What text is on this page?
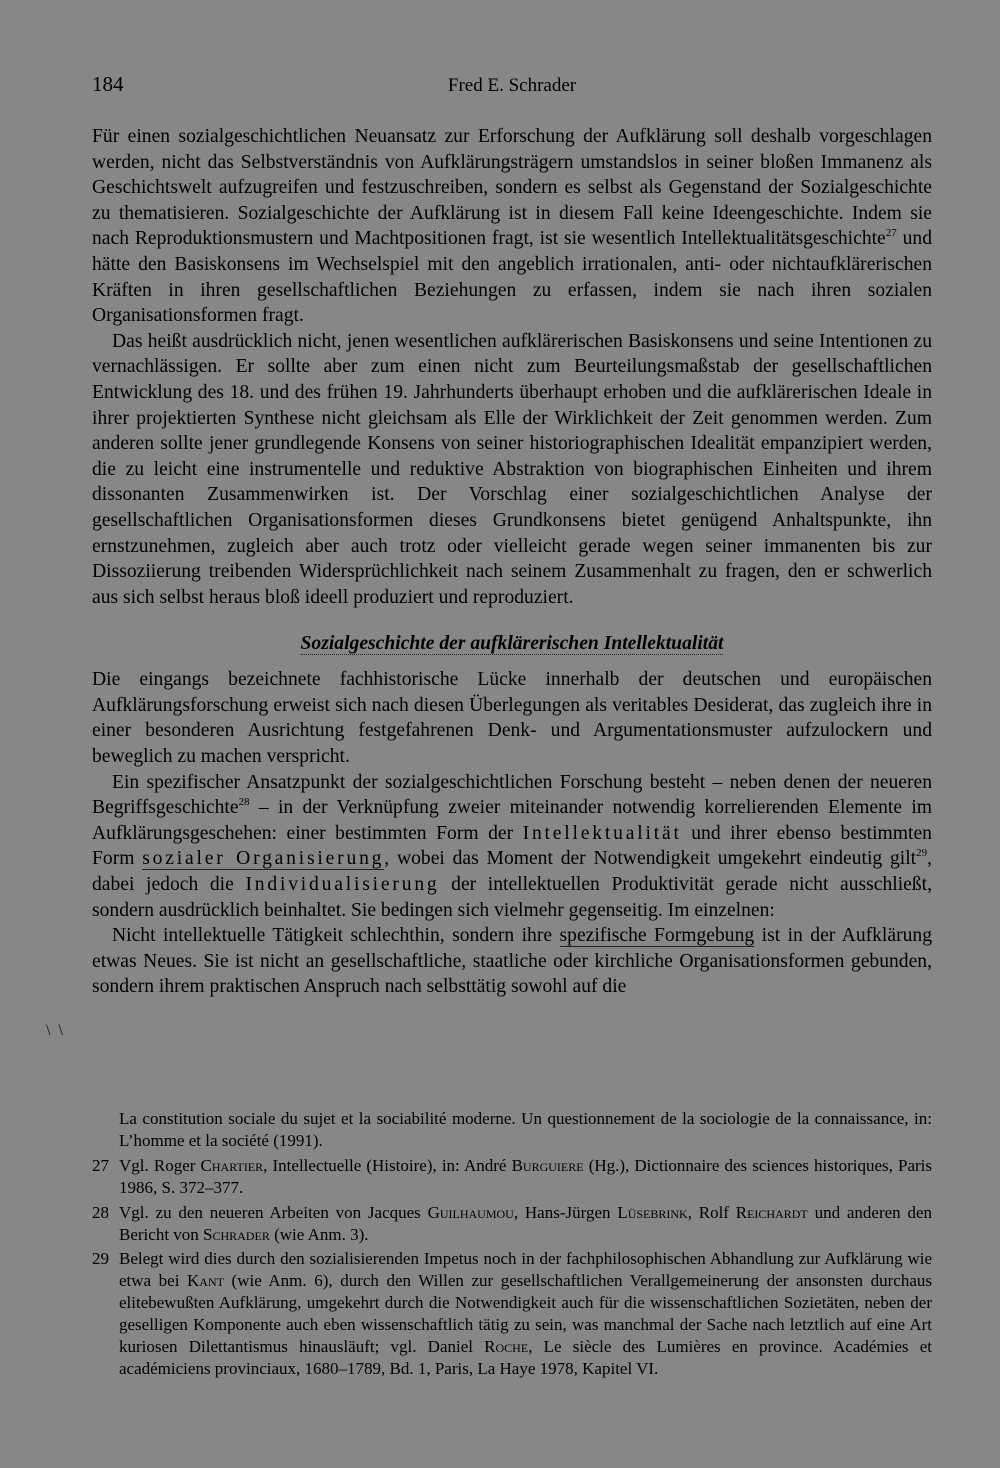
184	Fred E. Schrader

Für einen sozialgeschichtlichen Neuansatz zur Erforschung der Aufklärung soll deshalb vorgeschlagen werden, nicht das Selbstverständnis von Aufklärungsträgern umstandslos in seiner bloßen Immanenz als Geschichtswelt aufzugreifen und festzuschreiben, sondern es selbst als Gegenstand der Sozialgeschichte zu thematisieren. Sozialgeschichte der Aufklärung ist in diesem Fall keine Ideengeschichte. Indem sie nach Reproduktionsmustern und Machtpositionen fragt, ist sie wesentlich Intellektualitätsgeschichte$^{27}$ und hätte den Basiskonsens im Wechselspiel mit den angeblich irrationalen, anti- oder nichtaufklärerischen Kräften in ihren gesellschaftlichen Beziehungen zu erfassen, indem sie nach ihren sozialen Organisationsformen fragt.

Das heißt ausdrücklich nicht, jenen wesentlichen aufklärerischen Basiskonsens und seine Intentionen zu vernachlässigen. Er sollte aber zum einen nicht zum Beurteilungsmaßstab der gesellschaftlichen Entwicklung des 18. und des frühen 19. Jahrhunderts überhaupt erhoben und die aufklärerischen Ideale in ihrer projektierten Synthese nicht gleichsam als Elle der Wirklichkeit der Zeit genommen werden. Zum anderen sollte jener grundlegende Konsens von seiner historiographischen Idealität empanzipiert werden, die zu leicht eine instrumentelle und reduktive Abstraktion von biographischen Einheiten und ihrem dissonanten Zusammenwirken ist. Der Vorschlag einer sozialgeschichtlichen Analyse der gesellschaftlichen Organisationsformen dieses Grundkonsens bietet genügend Anhaltspunkte, ihn ernstzunehmen, zugleich aber auch trotz oder vielleicht gerade wegen seiner immanenten bis zur Dissoziierung treibenden Widersprüchlichkeit nach seinem Zusammenhalt zu fragen, den er schwerlich aus sich selbst heraus bloß ideell produziert und reproduziert.

Sozialgeschichte der aufklärerischen Intellektualität

Die eingangs bezeichnete fachhistorische Lücke innerhalb der deutschen und europäischen Aufklärungsforschung erweist sich nach diesen Überlegungen als veritables Desiderat, das zugleich ihre in einer besonderen Ausrichtung festgefahrenen Denk- und Argumentationsmuster aufzulockern und beweglich zu machen verspricht.

Ein spezifischer Ansatzpunkt der sozialgeschichtlichen Forschung besteht – neben denen der neueren Begriffsgeschichte$^{28}$ – in der Verknüpfung zweier miteinander notwendig korrelierenden Elemente im Aufklärungsgeschehen: einer bestimmten Form der Intellektualität und ihrer ebenso bestimmten Form sozialer Organisierung, wobei das Moment der Notwendigkeit umgekehrt eindeutig gilt$^{29}$, dabei jedoch die Individualisierung der intellektuellen Produktivität gerade nicht ausschließt, sondern ausdrücklich beinhaltet. Sie bedingen sich vielmehr gegenseitig. Im einzelnen:

Nicht intellektuelle Tätigkeit schlechthin, sondern ihre spezifische Formgebung ist in der Aufklärung etwas Neues. Sie ist nicht an gesellschaftliche, staatliche oder kirchliche Organisationsformen gebunden, sondern ihrem praktischen Anspruch nach selbsttätig sowohl auf die

\ \

La constitution sociale du sujet et la sociabilité moderne. Un questionnement de la sociologie de la connaissance, in: L’homme et la société (1991).

27 Vgl. Roger Chartier, Intellectuelle (Histoire), in: André Burguiere (Hg.), Dictionnaire des sciences historiques, Paris 1986, S. 372–377.

28 Vgl. zu den neueren Arbeiten von Jacques Guilhaumou, Hans-Jürgen Lüsebrink, Rolf Reichardt und anderen den Bericht von Schrader (wie Anm. 3).

29 Belegt wird dies durch den sozialisierenden Impetus noch in der fachphilosophischen Abhandlung zur Aufklärung wie etwa bei Kant (wie Anm. 6), durch den Willen zur gesellschaftlichen Verallgemeinerung der ansonsten durchaus elitebewußten Aufklärung, umgekehrt durch die Notwendigkeit auch für die wissenschaftlichen Sozietäten, neben der geselligen Komponente auch eben wissenschaftlich tätig zu sein, was manchmal der Sache nach letztlich auf eine Art kuriosen Dilettantismus hinausläuft; vgl. Daniel Roche, Le siècle des Lumières en province. Académies et académiciens provinciaux, 1680–1789, Bd. 1, Paris, La Haye 1978, Kapitel VI.
